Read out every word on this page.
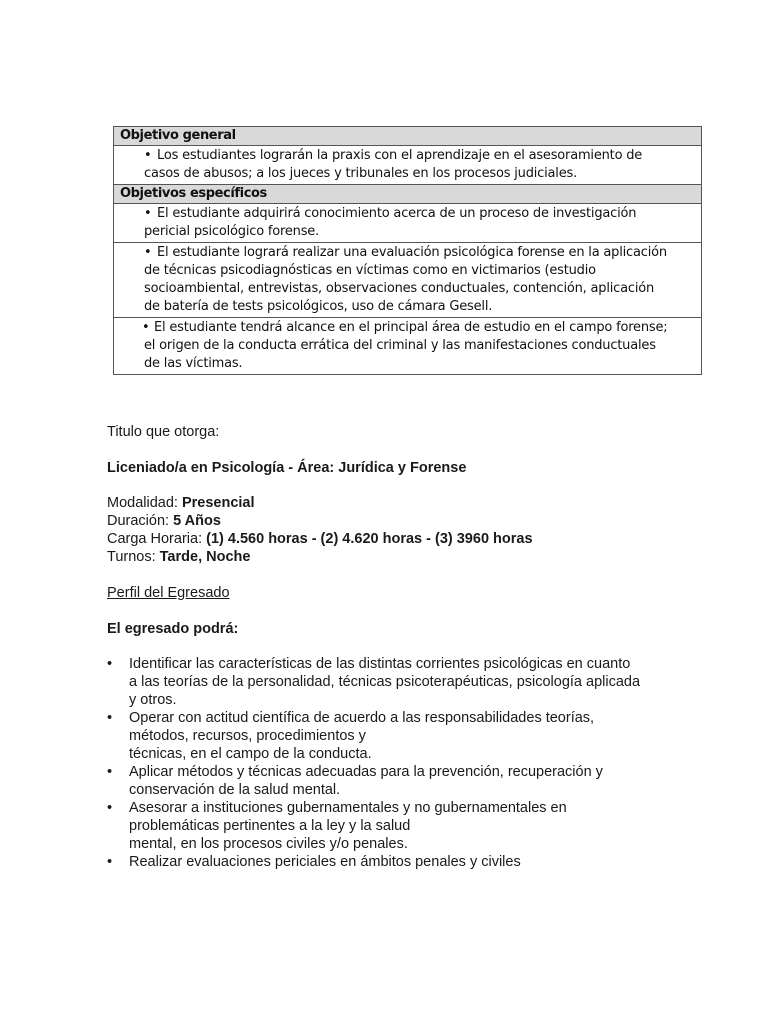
Objetivo general
• Los estudiantes lograrán la praxis con el aprendizaje en el asesoramiento de casos de abusos; a los jueces y tribunales en los procesos judiciales.
Objetivos específicos
• El estudiante adquirirá conocimiento acerca de un proceso de investigación pericial psicológico forense.
• El estudiante logrará realizar una evaluación psicológica forense en la aplicación de técnicas psicodiagnósticas en víctimas como en victimarios (estudio socioambiental, entrevistas, observaciones conductuales, contención, aplicación de batería de tests psicológicos, uso de cámara Gesell.
• El estudiante tendrá alcance en el principal área de estudio en el campo forense; el origen de la conducta errática del criminal y las manifestaciones conductuales de las víctimas.
Titulo que otorga:
Liceniado/a en Psicología - Área: Jurídica y Forense
Modalidad: Presencial
Duración: 5 Años
Carga Horaria: (1) 4.560 horas - (2) 4.620 horas - (3) 3960 horas
Turnos: Tarde, Noche
Perfil del Egresado
El egresado podrá:
• Identificar las características de las distintas corrientes psicológicas en cuanto
a las teorías de la personalidad, técnicas psicoterapéuticas, psicología aplicada
y otros.
• Operar con actitud científica de acuerdo a las responsabilidades teorías,
métodos, recursos, procedimientos y
técnicas, en el campo de la conducta.
• Aplicar métodos y técnicas adecuadas para la prevención, recuperación y
conservación de la salud mental.
• Asesorar a instituciones gubernamentales y no gubernamentales en
problemáticas pertinentes a la ley y la salud
mental, en los procesos civiles y/o penales.
• Realizar evaluaciones periciales en ámbitos penales y civiles
